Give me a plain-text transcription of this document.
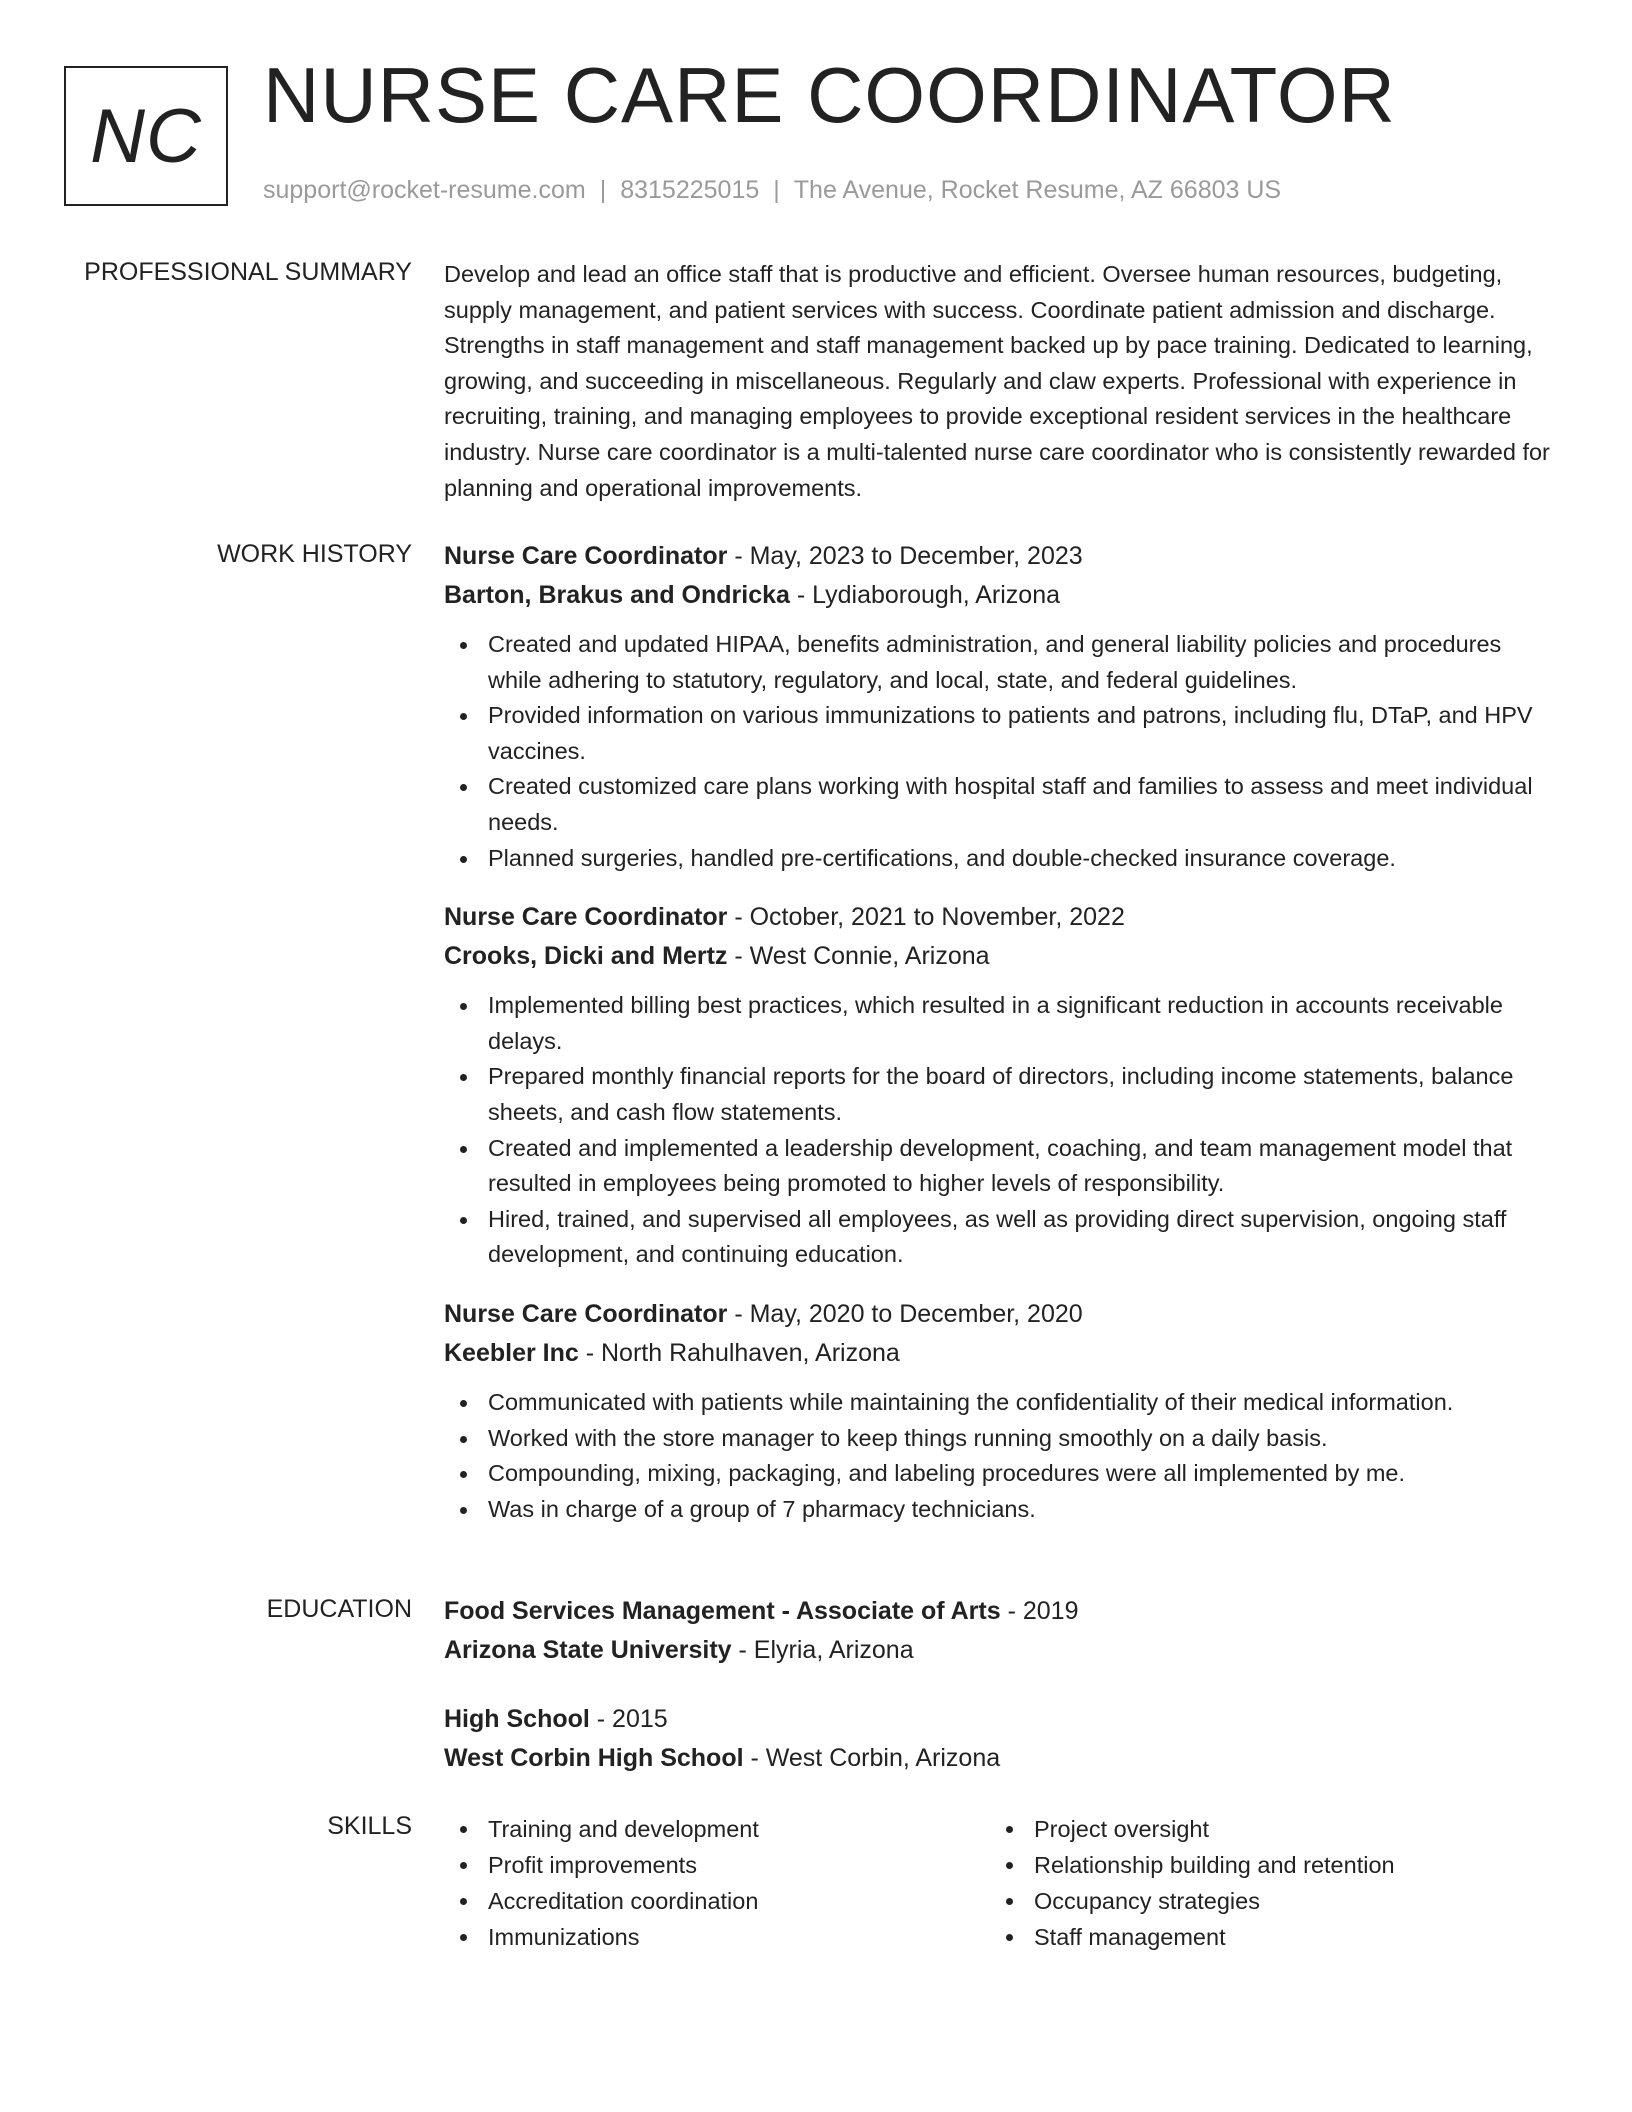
NC NURSE CARE COORDINATOR
support@rocket-resume.com | 8315225015 | The Avenue, Rocket Resume, AZ 66803 US
PROFESSIONAL SUMMARY Develop and lead an office staff that is productive and efficient. Oversee human resources, budgeting, supply management, and patient services with success. Coordinate patient admission and discharge. Strengths in staff management and staff management backed up by pace training. Dedicated to learning, growing, and succeeding in miscellaneous. Regularly and claw experts. Professional with experience in recruiting, training, and managing employees to provide exceptional resident services in the healthcare industry. Nurse care coordinator is a multi-talented nurse care coordinator who is consistently rewarded for planning and operational improvements.

WORK HISTORY Nurse Care Coordinator - May, 2023 to December, 2023
Barton, Brakus and Ondricka - Lydiaborough, Arizona
Created and updated HIPAA, benefits administration, and general liability policies and procedures while adhering to statutory, regulatory, and local, state, and federal guidelines.
Provided information on various immunizations to patients and patrons, including flu, DTaP, and HPV vaccines.
Created customized care plans working with hospital staff and families to assess and meet individual needs.
Planned surgeries, handled pre-certifications, and double-checked insurance coverage.
Nurse Care Coordinator - October, 2021 to November, 2022
Crooks, Dicki and Mertz - West Connie, Arizona
Implemented billing best practices, which resulted in a significant reduction in accounts receivable delays.
Prepared monthly financial reports for the board of directors, including income statements, balance sheets, and cash flow statements.
Created and implemented a leadership development, coaching, and team management model that resulted in employees being promoted to higher levels of responsibility.
Hired, trained, and supervised all employees, as well as providing direct supervision, ongoing staff development, and continuing education.
Nurse Care Coordinator - May, 2020 to December, 2020
Keebler Inc - North Rahulhaven, Arizona
Communicated with patients while maintaining the confidentiality of their medical information.
Worked with the store manager to keep things running smoothly on a daily basis.
Compounding, mixing, packaging, and labeling procedures were all implemented by me.
Was in charge of a group of 7 pharmacy technicians.
EDUCATION Food Services Management - Associate of Arts - 2019
Arizona State University - Elyria, Arizona
High School - 2015
West Corbin High School - West Corbin, Arizona
SKILLS	Training and development
Profit improvements
Accreditation coordination
Immunizations
Project oversight
Relationship building and retention
Occupancy strategies
Staff management
